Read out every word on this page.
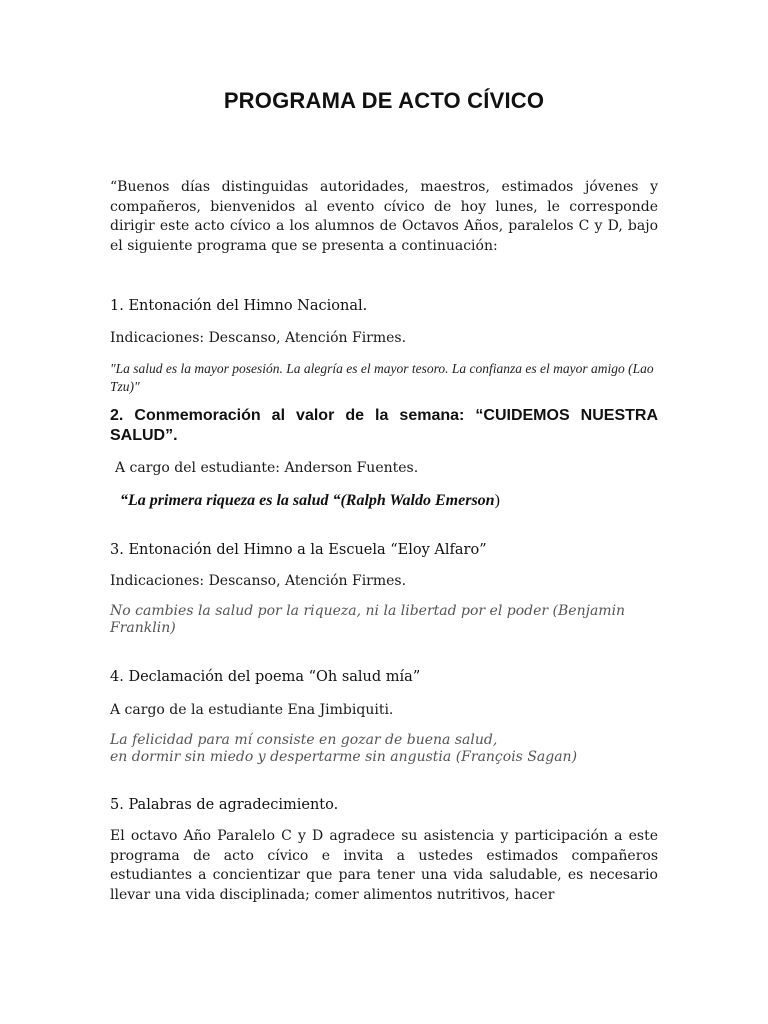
PROGRAMA DE ACTO CÍVICO

“Buenos días distinguidas autoridades, maestros, estimados jóvenes y compañeros, bienvenidos al evento cívico de hoy lunes, le corresponde dirigir este acto cívico a los alumnos de Octavos Años, paralelos C y D, bajo el siguiente programa que se presenta a continuación:

1. Entonación del Himno Nacional.

Indicaciones: Descanso, Atención Firmes.

"La salud es la mayor posesión. La alegría es el mayor tesoro. La confianza es el mayor amigo (Lao Tzu)"

2. Conmemoración al valor de la semana: “CUIDEMOS NUESTRA SALUD”.

A cargo del estudiante: Anderson Fuentes.

“La primera riqueza es la salud “(Ralph Waldo Emerson)

3. Entonación del Himno a la Escuela “Eloy Alfaro”

Indicaciones: Descanso, Atención Firmes.

No cambies la salud por la riqueza, ni la libertad por el poder (Benjamin Franklin)

4. Declamación del poema “Oh salud mía”

A cargo de la estudiante Ena Jimbiquiti.

La felicidad para mí consiste en gozar de buena salud,
en dormir sin miedo y despertarme sin angustia (François Sagan)

5. Palabras de agradecimiento.

El octavo Año Paralelo C y D agradece su asistencia y participación a este programa de acto cívico e invita a ustedes estimados compañeros estudiantes a concientizar que para tener una vida saludable, es necesario llevar una vida disciplinada; comer alimentos nutritivos, hacer
